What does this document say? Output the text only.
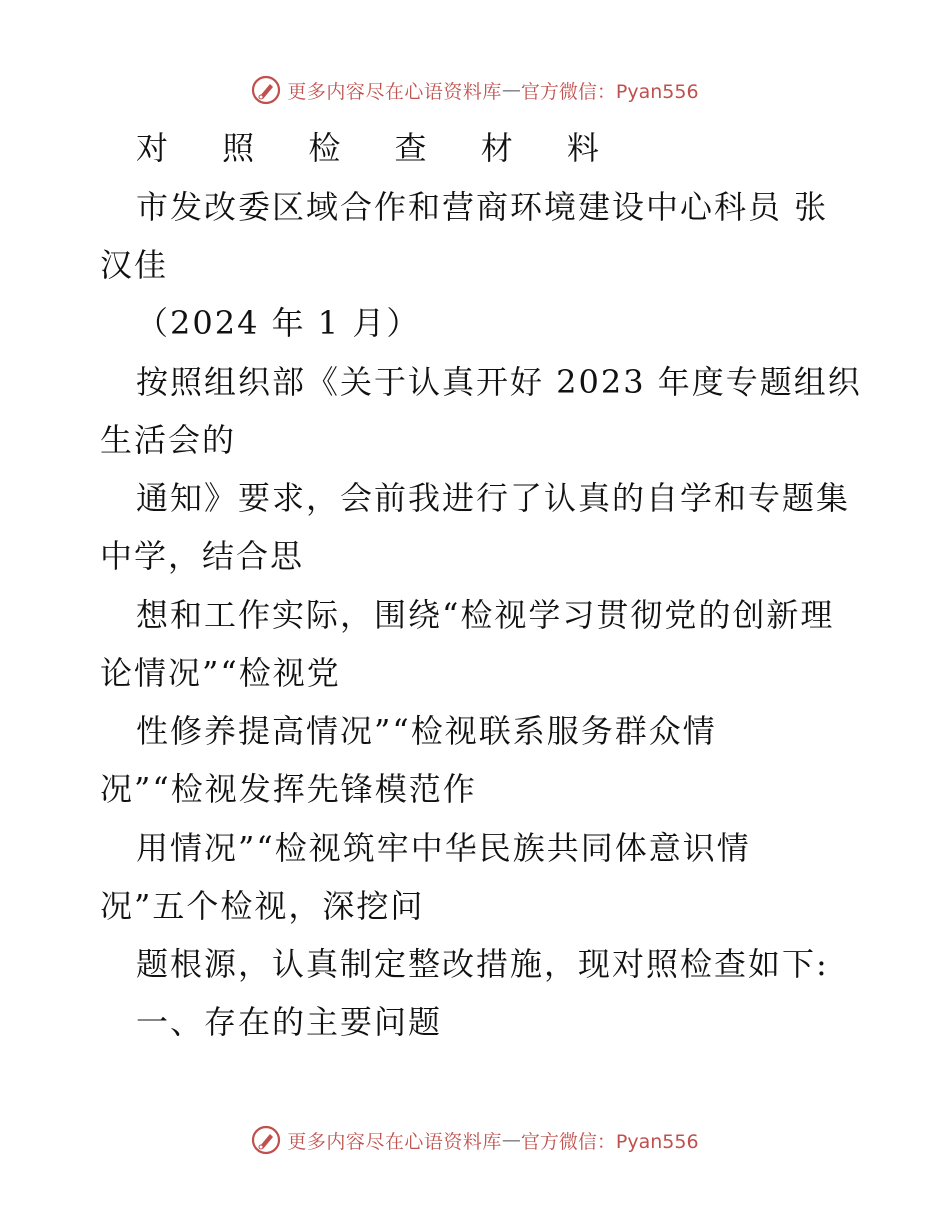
更多内容尽在心语资料库 — 官方微信：Pyan556
对 照 检 查 材 料
市发改委区域合作和营商环境建设中心科员 张
汉佳
（2024 年 1 月）
按照组织部《关于认真开好 2023 年度专题组织
生活会的
通知》要求，会前我进行了认真的自学和专题集
中学，结合思
想和工作实际，围绕“检视学习贯彻党的创新理
论情况”“检视党
性修养提高情况”“检视联系服务群众情
况”“检视发挥先锋模范作
用情况”“检视筑牢中华民族共同体意识情
况”五个检视，深挖问
题根源，认真制定整改措施，现对照检查如下:
一、存在的主要问题
更多内容尽在心语资料库 — 官方微信：Pyan556
